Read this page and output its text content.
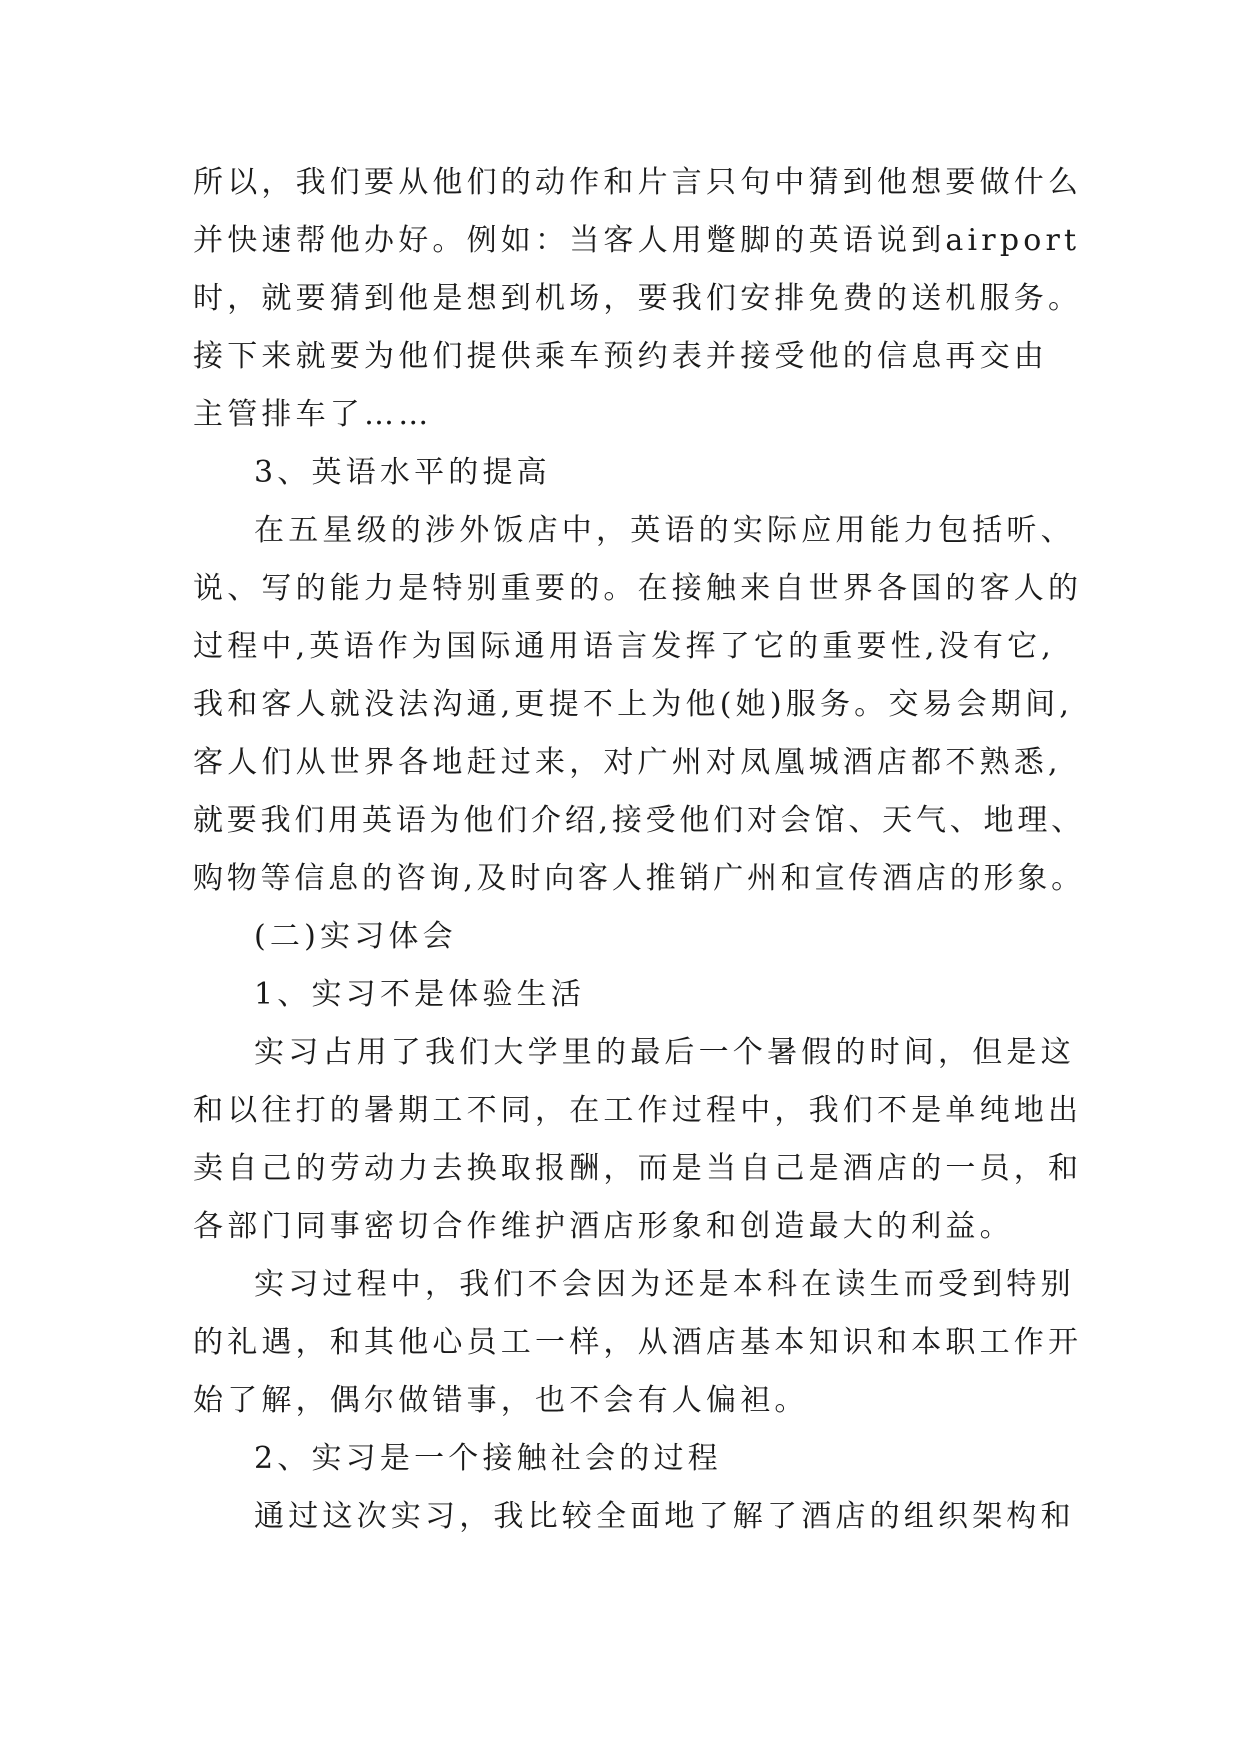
所以，我们要从他们的动作和片言只句中猜到他想要做什么
并快速帮他办好。例如：当客人用蹩脚的英语说到airport
时，就要猜到他是想到机场，要我们安排免费的送机服务。
接下来就要为他们提供乘车预约表并接受他的信息再交由
主管排车了……
3、英语水平的提高
在五星级的涉外饭店中，英语的实际应用能力包括听、
说、写的能力是特别重要的。在接触来自世界各国的客人的
过程中,英语作为国际通用语言发挥了它的重要性,没有它,
我和客人就没法沟通,更提不上为他(她)服务。交易会期间,
客人们从世界各地赶过来，对广州对凤凰城酒店都不熟悉,
就要我们用英语为他们介绍,接受他们对会馆、天气、地理、
购物等信息的咨询,及时向客人推销广州和宣传酒店的形象。
(二)实习体会
1、实习不是体验生活
实习占用了我们大学里的最后一个暑假的时间，但是这
和以往打的暑期工不同，在工作过程中，我们不是单纯地出
卖自己的劳动力去换取报酬，而是当自己是酒店的一员，和
各部门同事密切合作维护酒店形象和创造最大的利益。
实习过程中，我们不会因为还是本科在读生而受到特别
的礼遇，和其他心员工一样，从酒店基本知识和本职工作开
始了解，偶尔做错事，也不会有人偏袒。
2、实习是一个接触社会的过程
通过这次实习，我比较全面地了解了酒店的组织架构和
